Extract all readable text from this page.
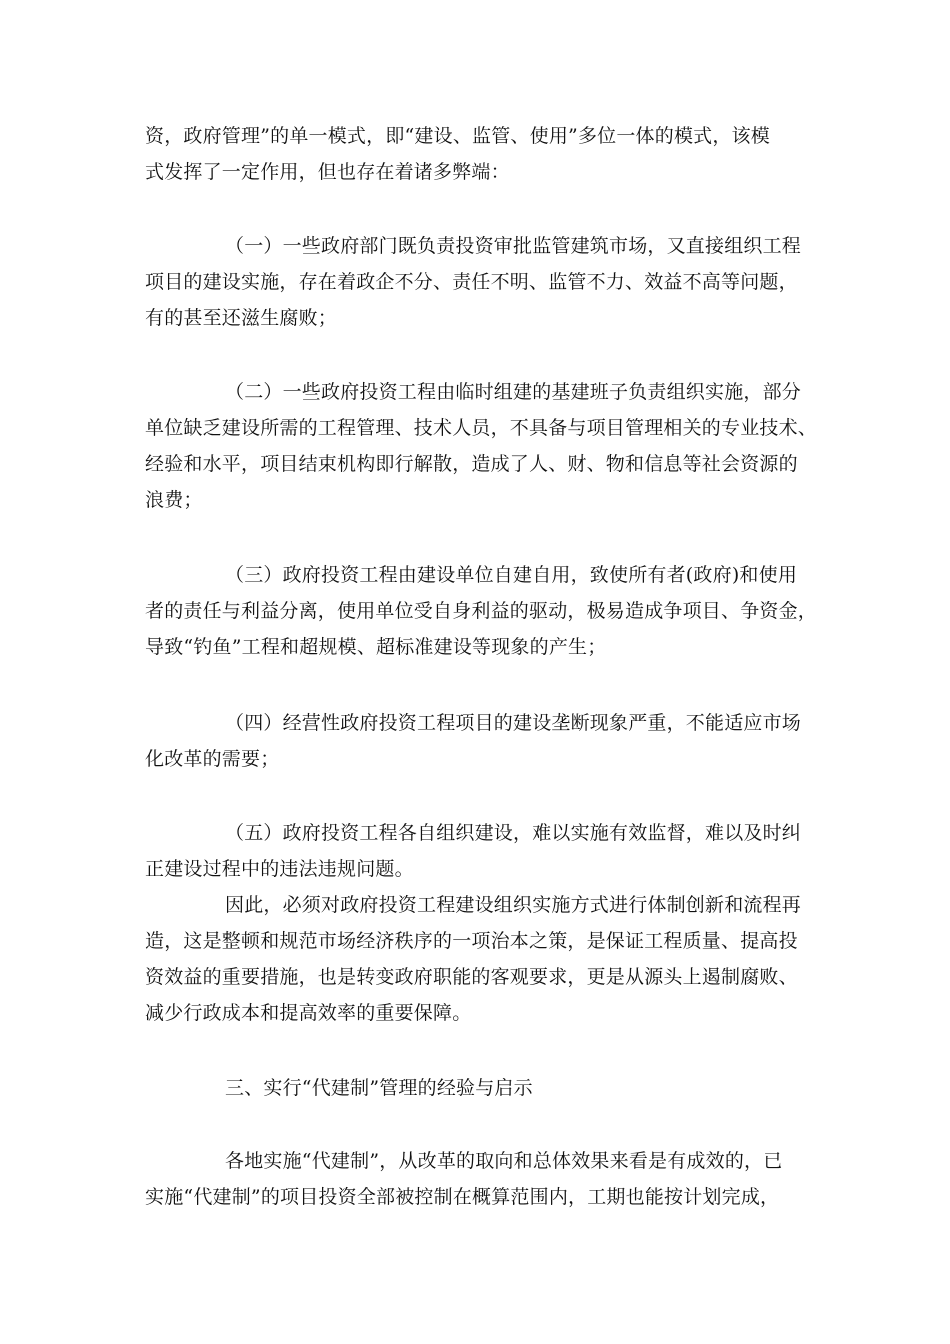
资，政府管理”的单一模式，即“建设、监管、使用”多位一体的模式，该模
式发挥了一定作用，但也存在着诸多弊端：

（一）一些政府部门既负责投资审批监管建筑市场，又直接组织工程
项目的建设实施，存在着政企不分、责任不明、监管不力、效益不高等问题，
有的甚至还滋生腐败；

（二）一些政府投资工程由临时组建的基建班子负责组织实施，部分
单位缺乏建设所需的工程管理、技术人员，不具备与项目管理相关的专业技术、
经验和水平，项目结束机构即行解散，造成了人、财、物和信息等社会资源的
浪费；

（三）政府投资工程由建设单位自建自用，致使所有者(政府)和使用
者的责任与利益分离，使用单位受自身利益的驱动，极易造成争项目、争资金，
导致“钓鱼”工程和超规模、超标准建设等现象的产生；

（四）经营性政府投资工程项目的建设垄断现象严重，不能适应市场
化改革的需要；

（五）政府投资工程各自组织建设，难以实施有效监督，难以及时纠
正建设过程中的违法违规问题。

因此，必须对政府投资工程建设组织实施方式进行体制创新和流程再
造，这是整顿和规范市场经济秩序的一项治本之策，是保证工程质量、提高投
资效益的重要措施，也是转变政府职能的客观要求，更是从源头上遏制腐败、
减少行政成本和提高效率的重要保障。

三、实行“代建制”管理的经验与启示

各地实施“代建制”，从改革的取向和总体效果来看是有成效的，已
实施“代建制”的项目投资全部被控制在概算范围内，工期也能按计划完成，
